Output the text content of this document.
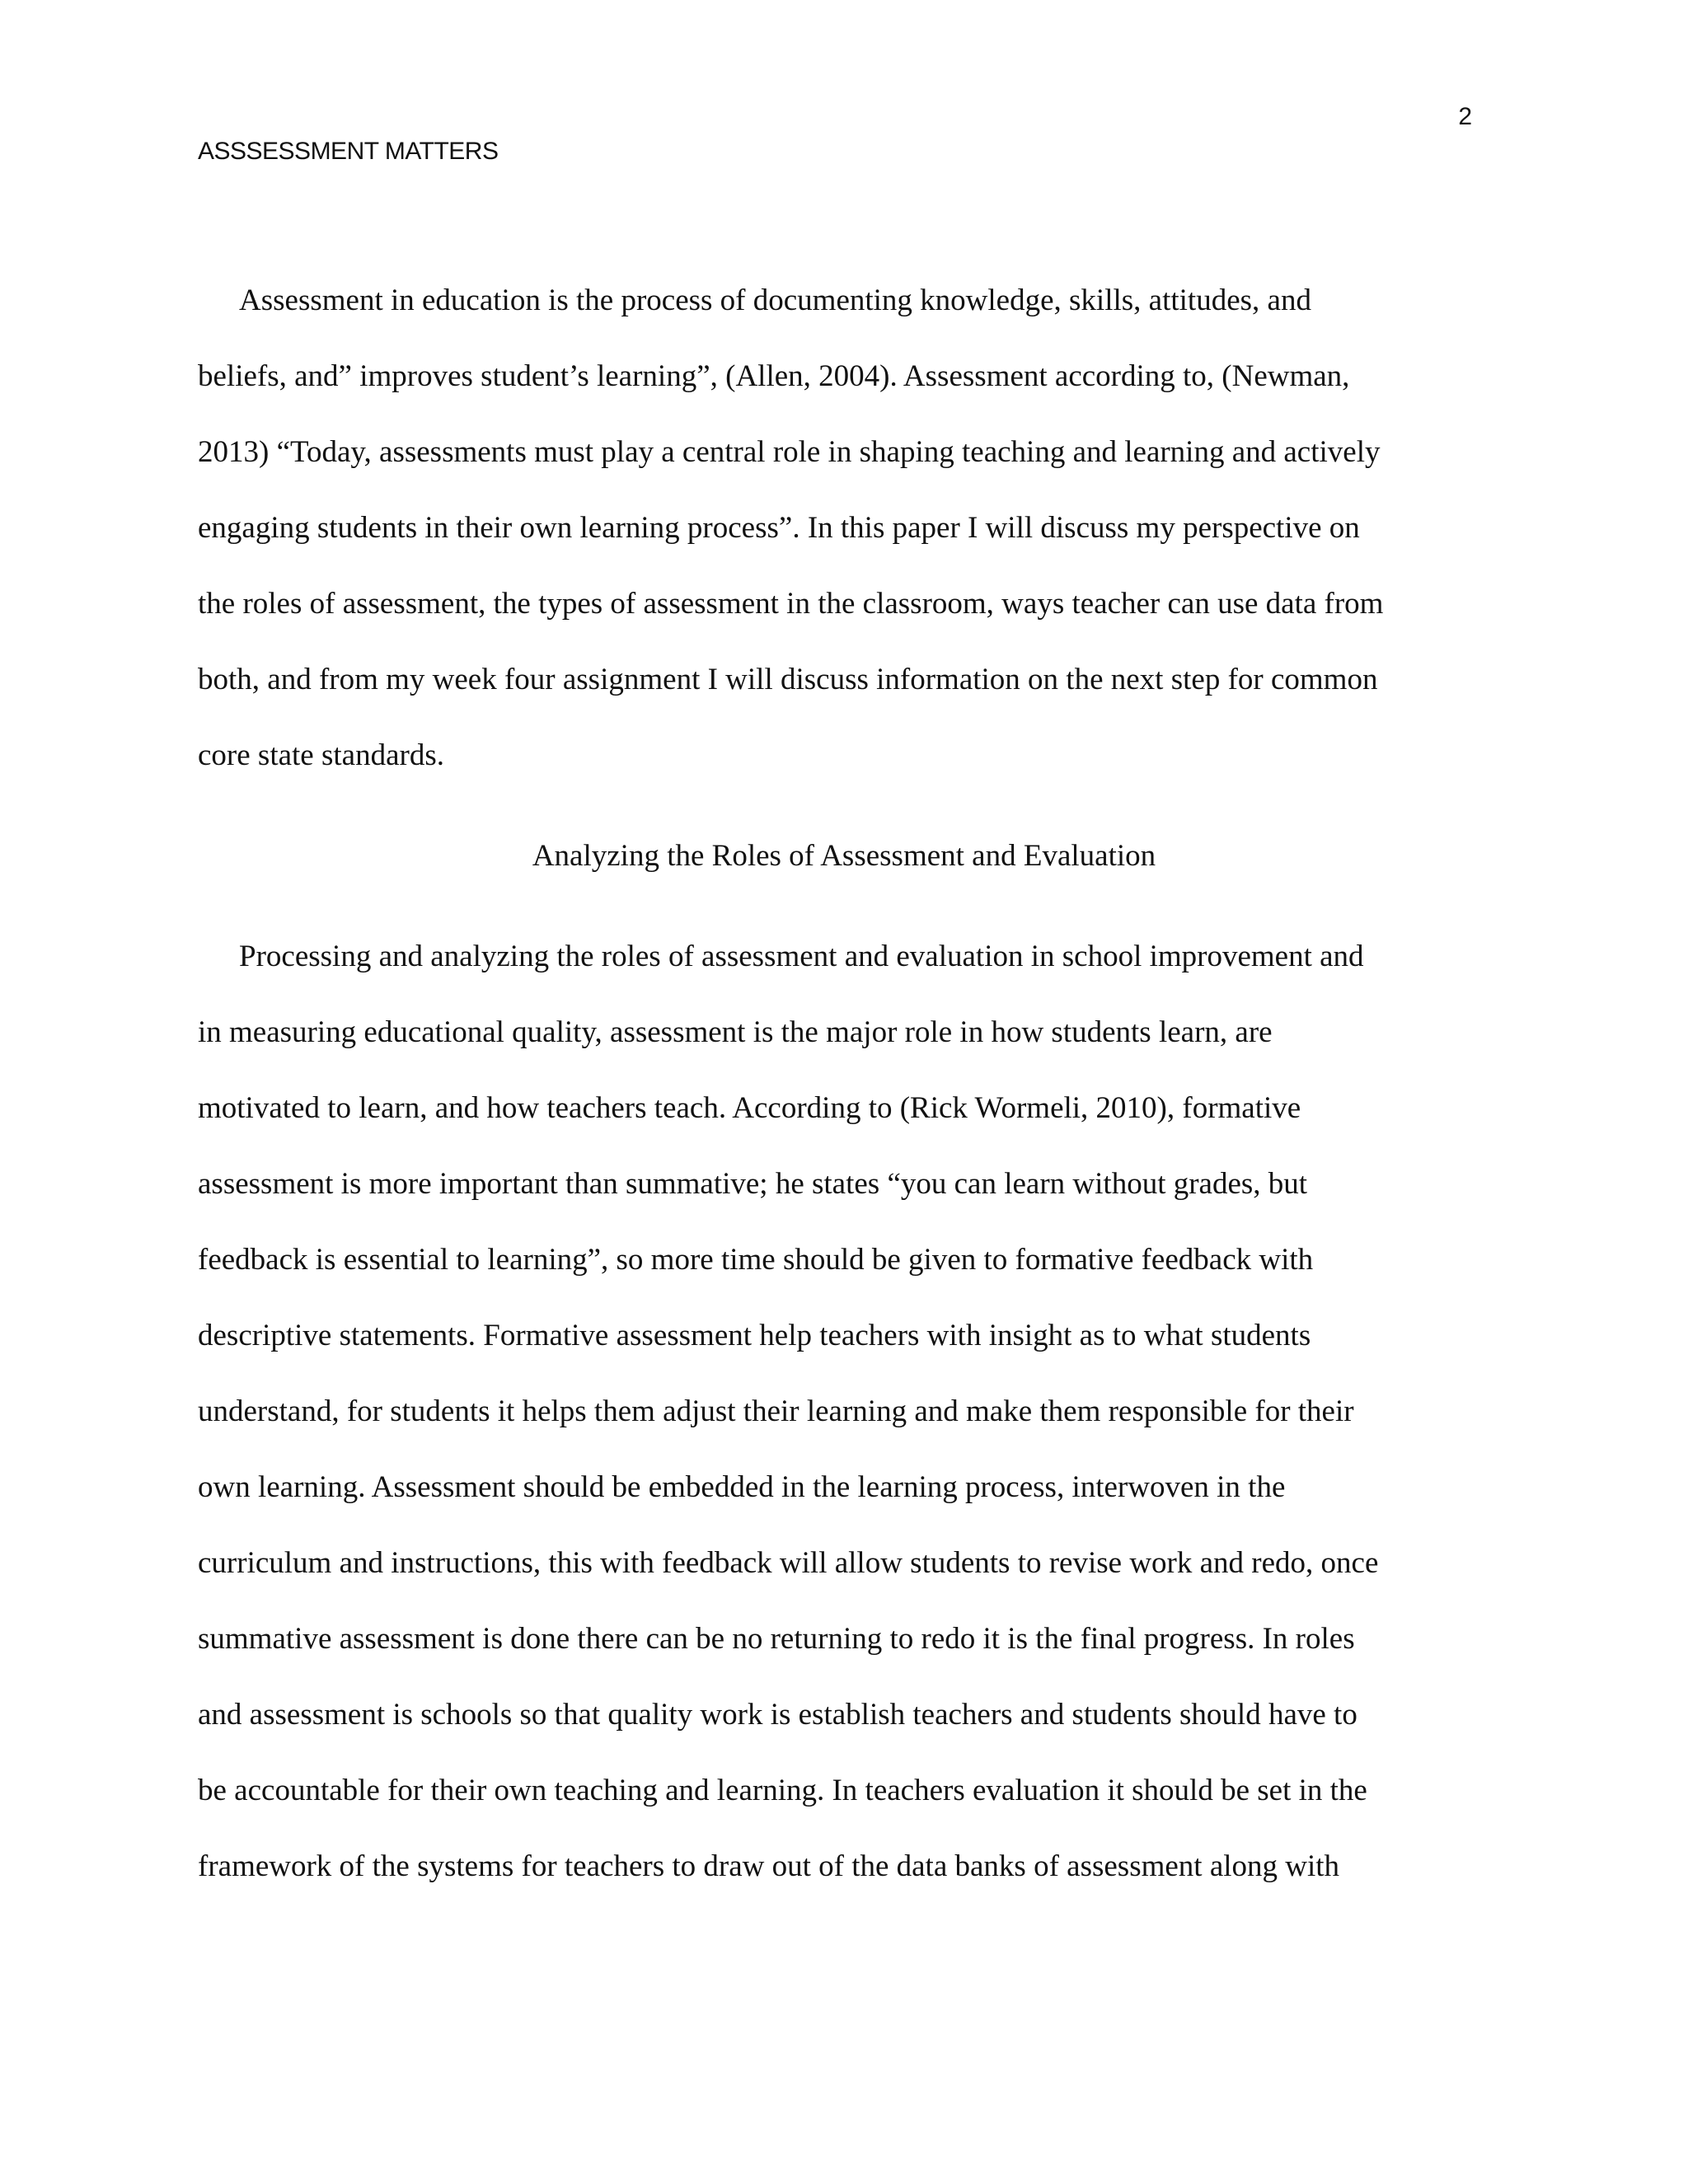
2
ASSSESSMENT MATTERS
Assessment in education is the process of documenting knowledge, skills, attitudes, and
beliefs, and” improves student’s learning”, (Allen, 2004). Assessment according to, (Newman,
2013) “Today, assessments must play a central role in shaping teaching and learning and actively
engaging students in their own learning process”. In this paper I will discuss my perspective on
the roles of assessment, the types of assessment in the classroom, ways teacher can use data from
both, and from my week four assignment I will discuss information on the next step for common
core state standards.
Analyzing the Roles of Assessment and Evaluation
Processing and analyzing the roles of assessment and evaluation in school improvement and
in measuring educational quality, assessment is the major role in how students learn, are
motivated to learn, and how teachers teach. According to (Rick Wormeli, 2010), formative
assessment is more important than summative; he states “you can learn without grades, but
feedback is essential to learning”, so more time should be given to formative feedback with
descriptive statements. Formative assessment help teachers with insight as to what students
understand, for students it helps them adjust their learning and make them responsible for their
own learning. Assessment should be embedded in the learning process, interwoven in the
curriculum and instructions, this with feedback will allow students to revise work and redo, once
summative assessment is done there can be no returning to redo it is the final progress. In roles
and assessment is schools so that quality work is establish teachers and students should have to
be accountable for their own teaching and learning. In teachers evaluation it should be set in the
framework of the systems for teachers to draw out of the data banks of assessment along with
